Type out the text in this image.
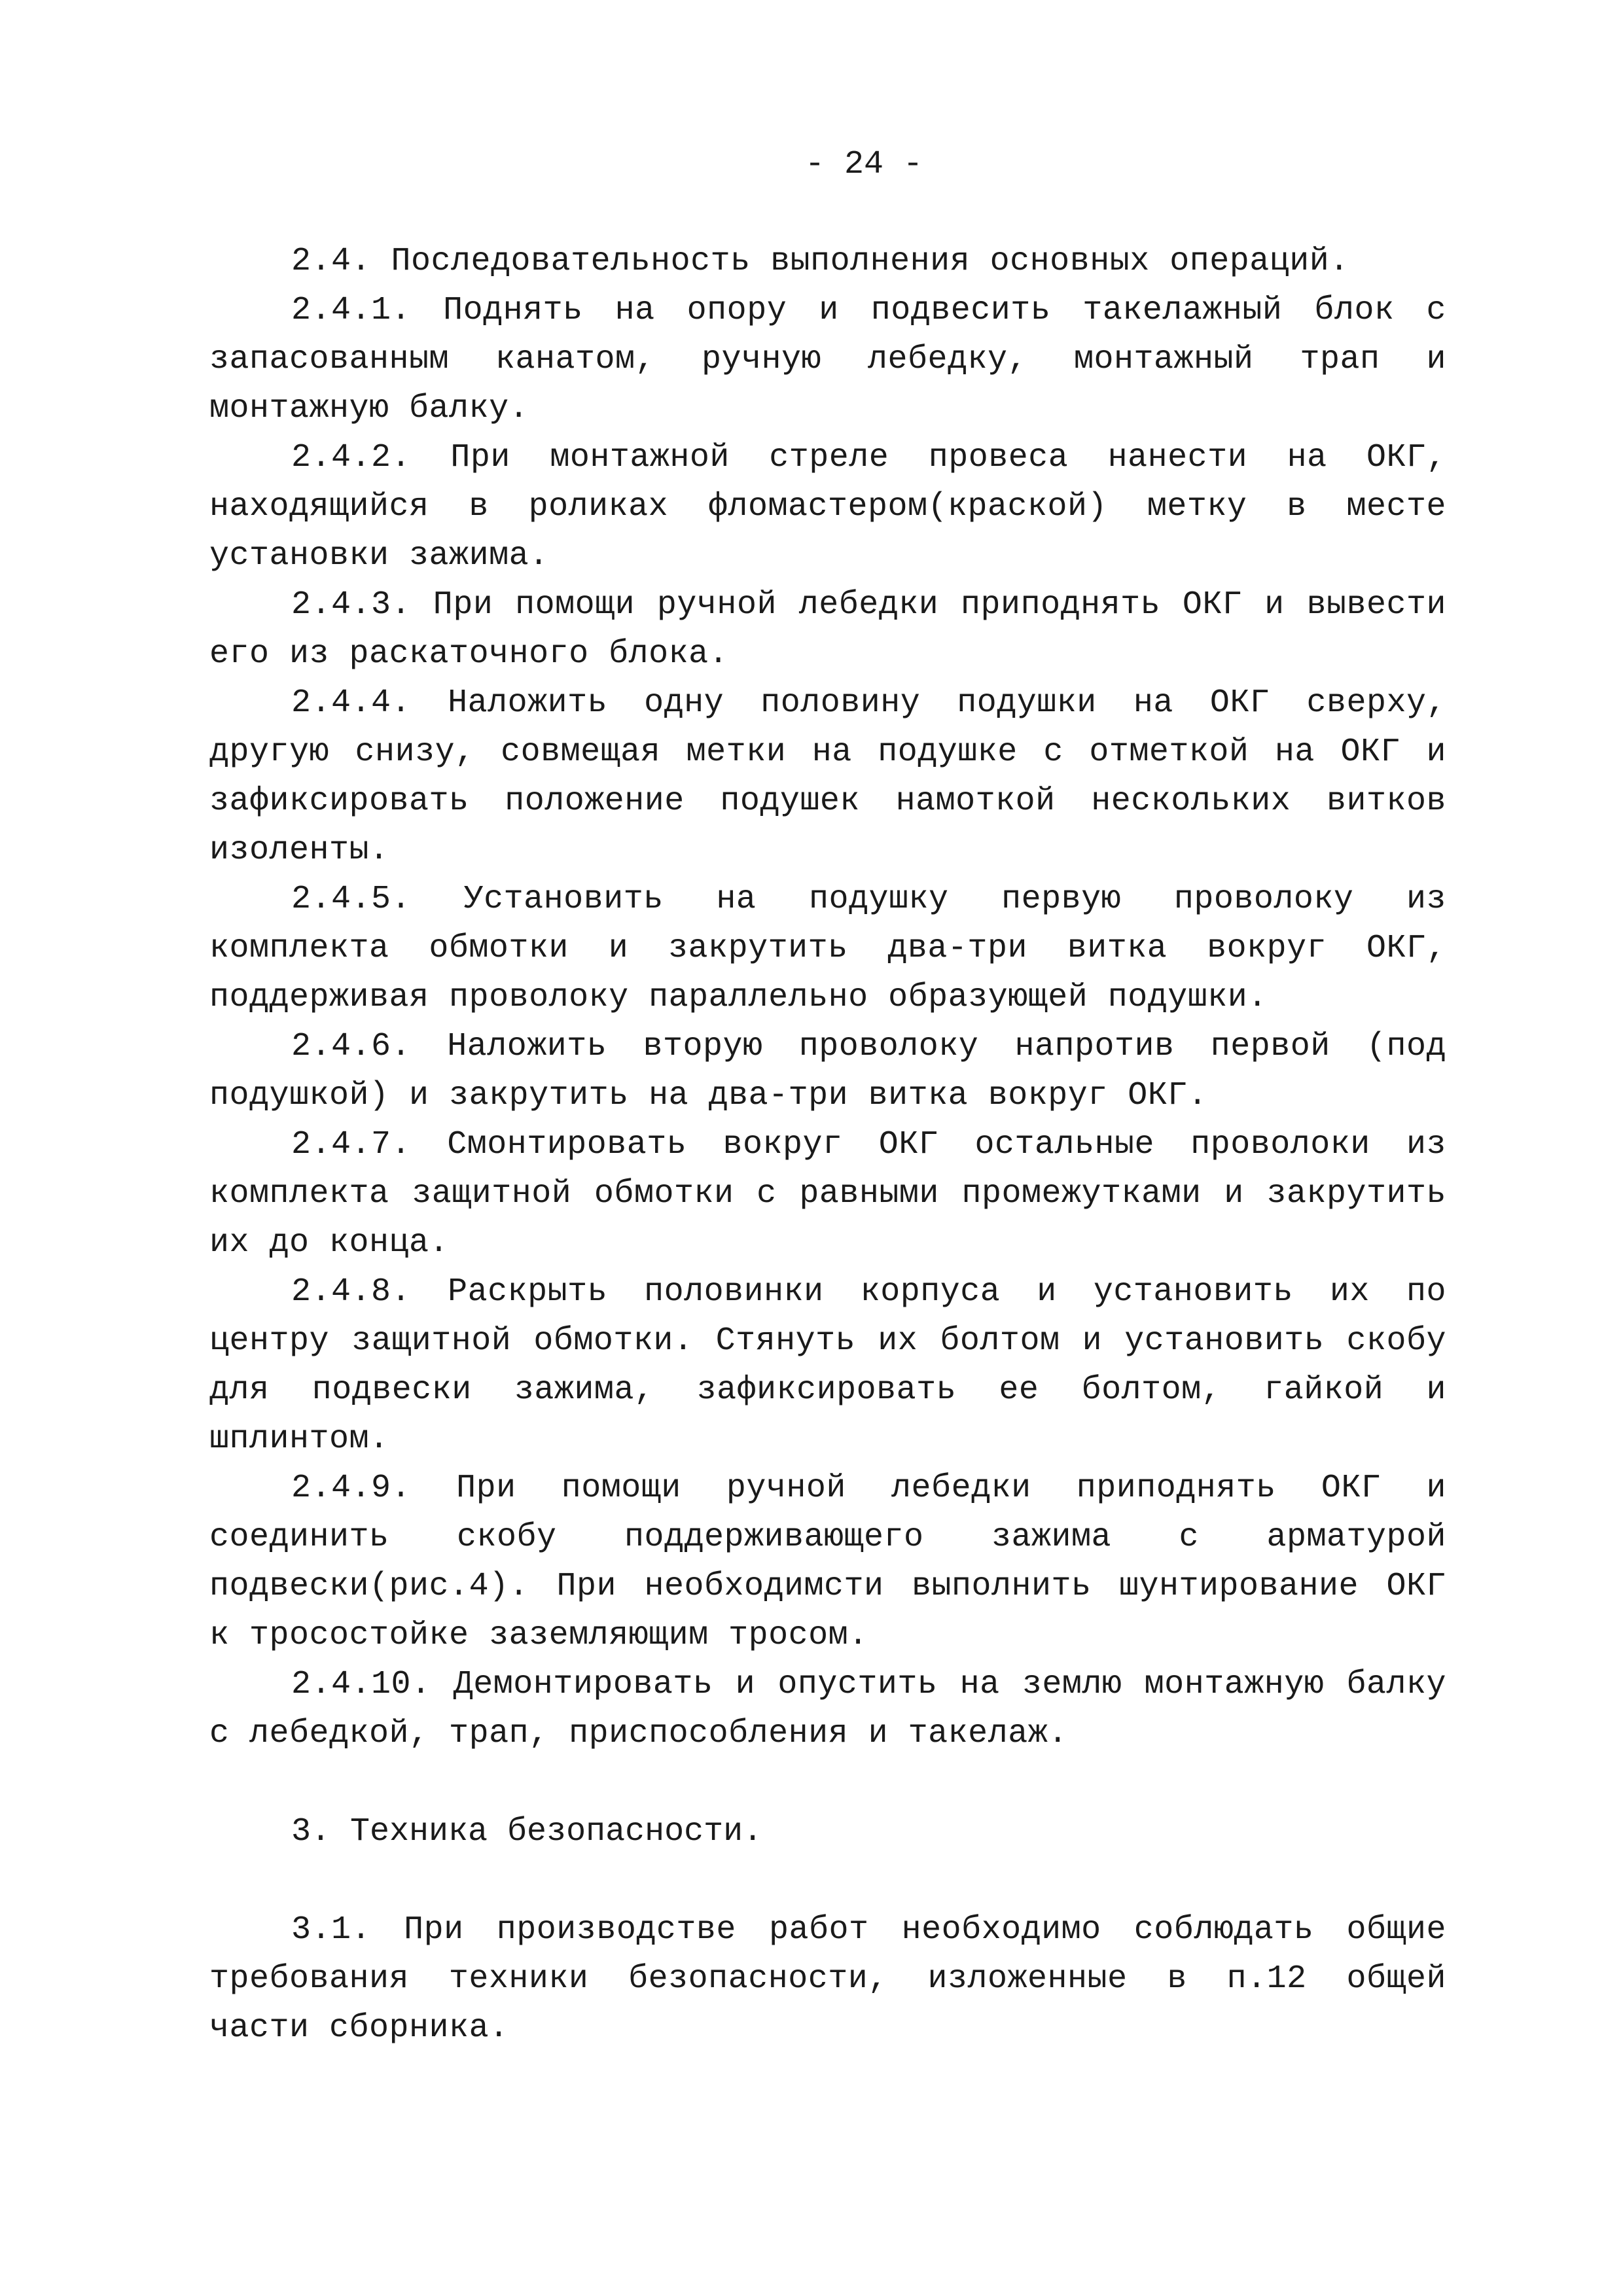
- 24 -

2.4. Последовательность выполнения основных операций.

2.4.1. Поднять на опору и подвесить такелажный блок с запасованным канатом, ручную лебедку, монтажный трап и монтажную балку.

2.4.2. При монтажной стреле провеса нанести на ОКГ, находящийся в роликах фломастером(краской) метку в месте установки зажима.

2.4.3. При помощи ручной лебедки приподнять ОКГ и вывести его из раскаточного блока.

2.4.4. Наложить одну половину подушки на ОКГ сверху, другую снизу, совмещая метки на подушке с отметкой на ОКГ и зафиксировать положение подушек намоткой нескольких витков изоленты.

2.4.5. Установить на подушку первую проволоку из комплекта обмотки и закрутить два-три витка вокруг ОКГ, поддерживая проволоку параллельно образующей подушки.

2.4.6. Наложить вторую проволоку напротив первой (под подушкой) и закрутить на два-три витка вокруг ОКГ.

2.4.7. Смонтировать вокруг ОКГ остальные проволоки из комплекта защитной обмотки с равными промежутками и закрутить их до конца.

2.4.8. Раскрыть половинки корпуса и установить их по центру защитной обмотки. Стянуть их болтом и установить скобу для подвески зажима, зафиксировать ее болтом, гайкой и шплинтом.

2.4.9. При помощи ручной лебедки приподнять ОКГ и соединить скобу поддерживающего зажима с арматурой подвески(рис.4). При необходимсти выполнить шунтирование ОКГ к тросостойке заземляющим тросом.

2.4.10. Демонтировать и опустить на землю монтажную балку с лебедкой, трап, приспособления и такелаж.

3. Техника безопасности.

3.1. При производстве работ необходимо соблюдать общие требования техники безопасности, изложенные в п.12 общей части сборника.
